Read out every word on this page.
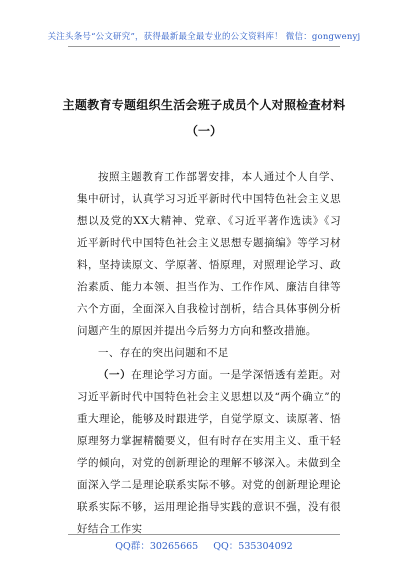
关注头条号“公文研究”，获得最新最全最专业的公文资料库！ 微信：gongwenyj
主题教育专题组织生活会班子成员个人对照检查材料
（一）

按照主题教育工作部署安排，本人通过个人自学、集中研讨，认真学习习近平新时代中国特色社会主义思想以及党的XX大精神、党章、《习近平著作选读》《习近平新时代中国特色社会主义思想专题摘编》等学习材料，坚持读原文、学原著、悟原理，对照理论学习、政治素质、能力本领、担当作为、工作作风、廉洁自律等六个方面，全面深入自我检讨剖析，结合具体事例分析问题产生的原因并提出今后努力方向和整改措施。

一、存在的突出问题和不足

（一）在理论学习方面。一是学深悟透有差距。对习近平新时代中国特色社会主义思想以及“两个确立”的重大理论，能够及时跟进学，自觉学原文、读原著、悟原理努力掌握精髓要义，但有时存在实用主义、重干轻学的倾向，对党的创新理论的理解不够深入。未做到全面深入学二是理论联系实际不够。对党的创新理论理论联系实际不够，运用理论指导实践的意识不强，没有很好结合工作实

QQ群：30265665 QQ：535304092
